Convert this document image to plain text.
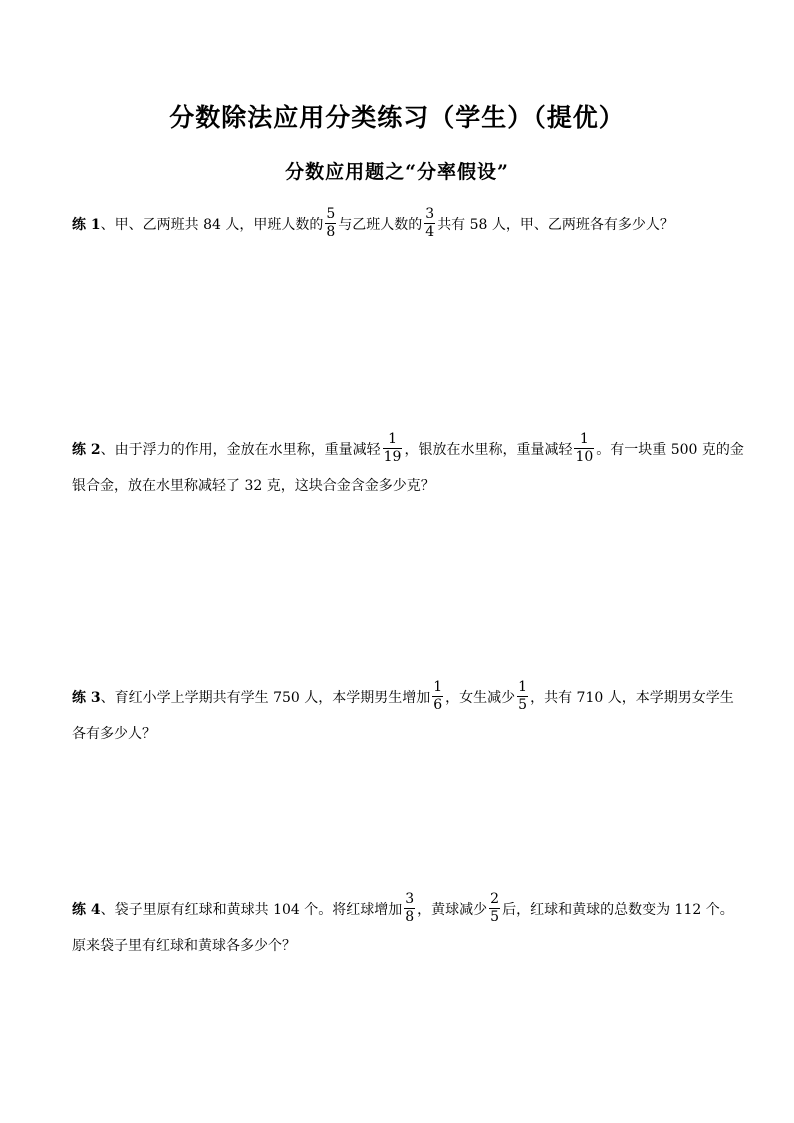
分数除法应用分类练习（学生）（提优）
分数应用题之“分率假设”

练 1、甲、乙两班共 84 人，甲班人数的 $\frac{5}{8}$ 与乙班人数的 $\frac{3}{4}$ 共有 58 人，甲、乙两班各有多少人？

练 2、由于浮力的作用，金放在水里称，重量减轻 $\frac{1}{19}$ ，银放在水里称，重量减轻 $\frac{1}{10}$ 。有一块重 500 克的金

银合金，放在水里称减轻了 32 克，这块合金含金多少克？

练 3、育红小学上学期共有学生 750 人，本学期男生增加 $\frac{1}{6}$ ，女生减少 $\frac{1}{5}$ ，共有 710 人，本学期男女学生

各有多少人？

练 4、袋子里原有红球和黄球共 104 个。将红球增加 $\frac{3}{8}$ ，黄球减少 $\frac{2}{5}$ 后，红球和黄球的总数变为 112 个。

原来袋子里有红球和黄球各多少个？
